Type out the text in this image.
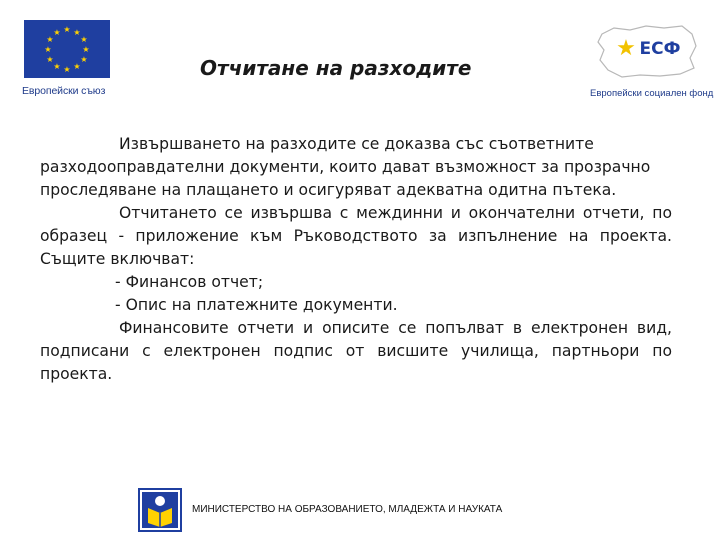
★ ★
★
★
★
★
★
★
★
★
★
★
Европейски съюз
Отчитане на разходите
★ ЕСФ
Европейски социален фонд

Извършването на разходите се доказва със съответните разходооправдателни документи, които дават възможност за прозрачно проследяване на плащането и осигуряват адекватна одитна пътека.

Отчитането се извършва с междинни и окончателни отчети, по образец - приложение към Ръководството за изпълнение на проекта. Същите включват:

- Финансов отчет;

- Опис на платежните документи.

Финансовите отчети и описите се попълват в електронен вид, подписани с електронен подпис от висшите училища, партньори по проекта.

МИНИСТЕРСТВО НА ОБРАЗОВАНИЕТО, МЛАДЕЖТА И НАУКАТА
